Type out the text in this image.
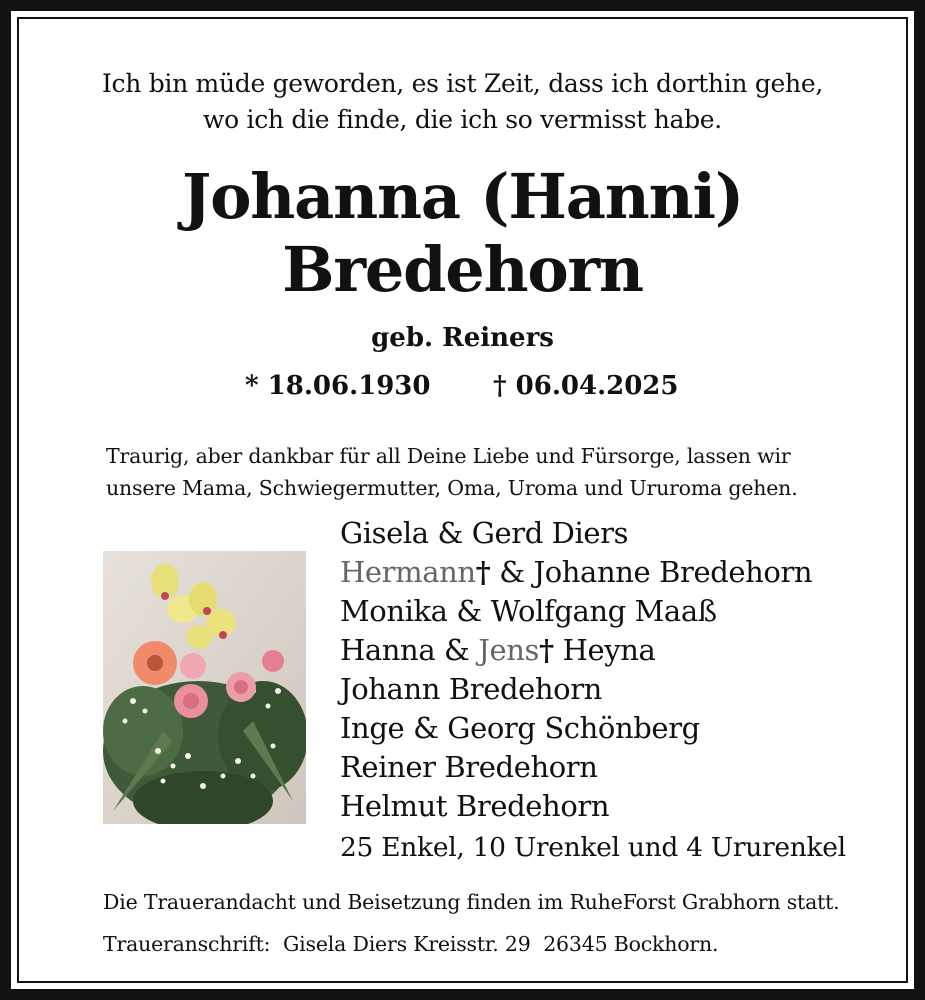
Ich bin müde geworden, es ist Zeit, dass ich dorthin gehe,
wo ich die finde, die ich so vermisst habe.
Johanna (Hanni)
Bredehorn
geb. Reiners
* 18.06.1930 † 06.04.2025
Traurig, aber dankbar für all Deine Liebe und Fürsorge, lassen wir
unsere Mama, Schwiegermutter, Oma, Uroma und Ururoma gehen.
Gisela & Gerd Diers
Hermann† & Johanne Bredehorn
Monika & Wolfgang Maaß
Hanna & Jens† Heyna
Johann Bredehorn
Inge & Georg Schönberg
Reiner Bredehorn
Helmut Bredehorn
25 Enkel, 10 Urenkel und 4 Ururenkel
Die Trauerandacht und Beisetzung finden im RuheForst Grabhorn statt.
Traueranschrift:  Gisela Diers Kreisstr. 29  26345 Bockhorn.
